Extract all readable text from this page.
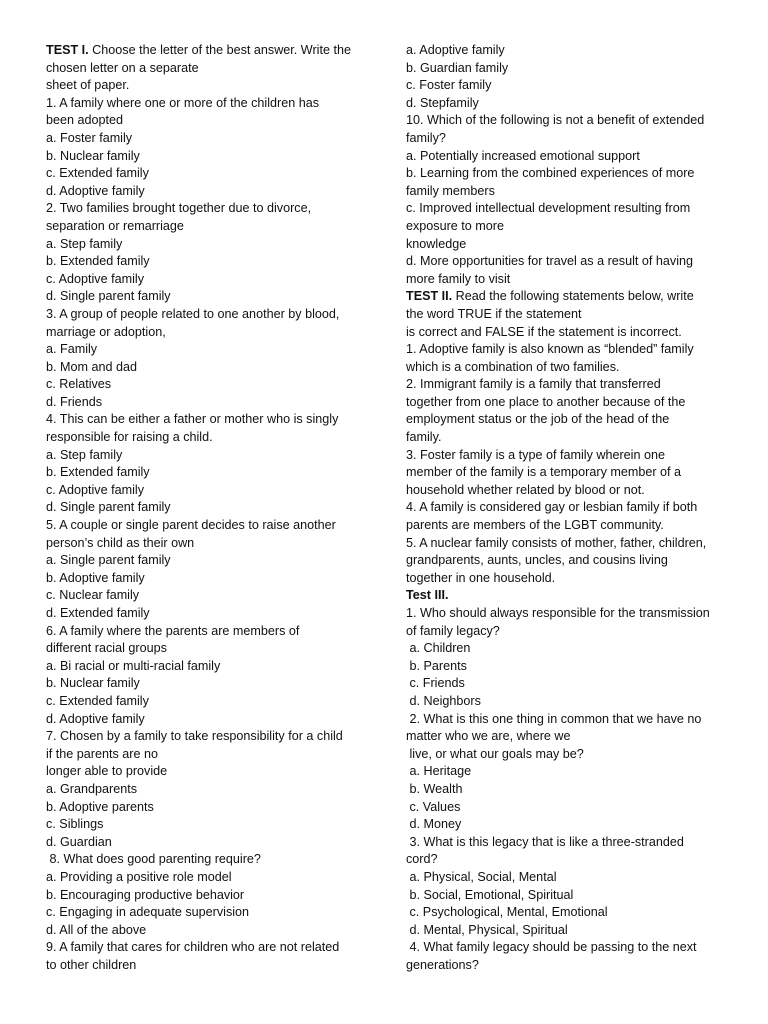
TEST I. Choose the letter of the best answer. Write the
chosen letter on a separate
sheet of paper.
1. A family where one or more of the children has
been adopted
a. Foster family
b. Nuclear family
c. Extended family
d. Adoptive family
2. Two families brought together due to divorce,
separation or remarriage
a. Step family
b. Extended family
c. Adoptive family
d. Single parent family
3. A group of people related to one another by blood,
marriage or adoption,
a. Family
b. Mom and dad
c. Relatives
d. Friends
4. This can be either a father or mother who is singly
responsible for raising a child.
a. Step family
b. Extended family
c. Adoptive family
d. Single parent family
5. A couple or single parent decides to raise another
person’s child as their own
a. Single parent family
b. Adoptive family
c. Nuclear family
d. Extended family
6. A family where the parents are members of
different racial groups
a. Bi racial or multi-racial family
b. Nuclear family
c. Extended family
d. Adoptive family
7. Chosen by a family to take responsibility for a child
if the parents are no
longer able to provide
a. Grandparents
b. Adoptive parents
c. Siblings
d. Guardian
8. What does good parenting require?
a. Providing a positive role model
b. Encouraging productive behavior
c. Engaging in adequate supervision
d. All of the above
9. A family that cares for children who are not related
to other children
a. Adoptive family
b. Guardian family
c. Foster family
d. Stepfamily
10. Which of the following is not a benefit of extended
family?
a. Potentially increased emotional support
b. Learning from the combined experiences of more
family members
c. Improved intellectual development resulting from
exposure to more
knowledge
d. More opportunities for travel as a result of having
more family to visit
TEST II. Read the following statements below, write
the word TRUE if the statement
is correct and FALSE if the statement is incorrect.
1. Adoptive family is also known as “blended” family
which is a combination of two families.
2. Immigrant family is a family that transferred
together from one place to another because of the
employment status or the job of the head of the
family.
3. Foster family is a type of family wherein one
member of the family is a temporary member of a
household whether related by blood or not.
4. A family is considered gay or lesbian family if both
parents are members of the LGBT community.
5. A nuclear family consists of mother, father, children,
grandparents, aunts, uncles, and cousins living
together in one household.
Test III.
1. Who should always responsible for the transmission
of family legacy?
a. Children
b. Parents
c. Friends
d. Neighbors
2. What is this one thing in common that we have no
matter who we are, where we
live, or what our goals may be?
a. Heritage
b. Wealth
c. Values
d. Money
3. What is this legacy that is like a three-stranded
cord?
a. Physical, Social, Mental
b. Social, Emotional, Spiritual
c. Psychological, Mental, Emotional
d. Mental, Physical, Spiritual
4. What family legacy should be passing to the next
generations?
